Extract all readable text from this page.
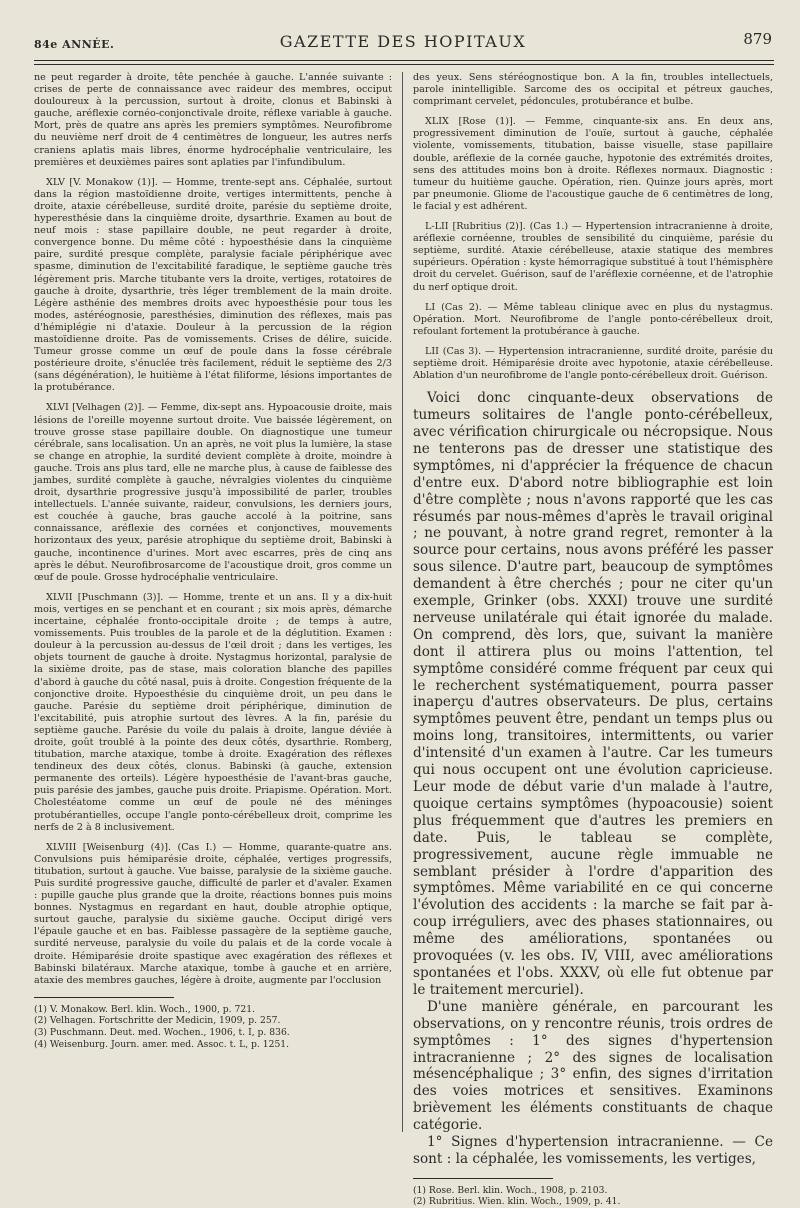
84e ANNÉE.	GAZETTE DES HOPITAUX	879

ne peut regarder à droite, tête penchée à gauche. L'année suivante : crises de perte de connaissance avec raideur des membres, occiput douloureux à la percussion, surtout à droite, clonus et Babinski à gauche, aréflexie cornéo-conjonctivale droite, réflexe variable à gauche. Mort, près de quatre ans après les premiers symptômes. Neurofibrome du neuvième nerf droit de 4 centimètres de longueur, les autres nerfs craniens aplatis mais libres, énorme hydrocéphalie ventriculaire, les premières et deuxièmes paires sont aplaties par l'infundibulum.

XLV [V. Monakow (1)]. — Homme, trente-sept ans. Céphalée, surtout dans la région mastoïdienne droite, vertiges intermittents, penche à droite, ataxie cérébelleuse, surdité droite, parésie du septième droite, hyperesthésie dans la cinquième droite, dysarthrie. Examen au bout de neuf mois : stase papillaire double, ne peut regarder à droite, convergence bonne. Du même côté : hypoesthésie dans la cinquième paire, surdité presque complète, paralysie faciale périphérique avec spasme, diminution de l'excitabilité faradique, le septième gauche très légèrement pris. Marche titubante vers la droite, vertiges, rotatoires de gauche à droite, dysarthrie, très léger tremblement de la main droite. Légère asthénie des membres droits avec hypoesthésie pour tous les modes, astéréognosie, paresthésies, diminution des réflexes, mais pas d'hémiplégie ni d'ataxie. Douleur à la percussion de la région mastoïdienne droite. Pas de vomissements. Crises de délire, suicide. Tumeur grosse comme un œuf de poule dans la fosse cérébrale postérieure droite, s'énuclée très facilement, réduit le septième des 2/3 (sans dégénération), le huitième à l'état filiforme, lésions importantes de la protubérance.

XLVI [Velhagen (2)]. — Femme, dix-sept ans. Hypoacousie droite, mais lésions de l'oreille moyenne surtout droite. Vue baissée légèrement, on trouve grosse stase papillaire double. On diagnostique une tumeur cérébrale, sans localisation. Un an après, ne voit plus la lumière, la stase se change en atrophie, la surdité devient complète à droite, moindre à gauche. Trois ans plus tard, elle ne marche plus, à cause de faiblesse des jambes, surdité complète à gauche, névralgies violentes du cinquième droit, dysarthrie progressive jusqu'à impossibilité de parler, troubles intellectuels. L'année suivante, raideur, convulsions, les derniers jours, est couchée à gauche, bras gauche accolé à la poitrine, sans connaissance, aréflexie des cornées et conjonctives, mouvements horizontaux des yeux, parésie atrophique du septième droit, Babinski à gauche, incontinence d'urines. Mort avec escarres, près de cinq ans après le début. Neurofibrosarcome de l'acoustique droit, gros comme un œuf de poule. Grosse hydrocéphalie ventriculaire.

XLVII [Puschmann (3)]. — Homme, trente et un ans. Il y a dix-huit mois, vertiges en se penchant et en courant ; six mois après, démarche incertaine, céphalée fronto-occipitale droite ; de temps à autre, vomissements. Puis troubles de la parole et de la déglutition. Examen : douleur à la percussion au-dessus de l'œil droit ; dans les vertiges, les objets tournent de gauche à droite. Nystagmus horizontal, paralysie de la sixième droite, pas de stase, mais coloration blanche des papilles d'abord à gauche du côté nasal, puis à droite. Congestion fréquente de la conjonctive droite. Hypoesthésie du cinquième droit, un peu dans le gauche. Parésie du septième droit périphérique, diminution de l'excitabilité, puis atrophie surtout des lèvres. A la fin, parésie du septième gauche. Parésie du voile du palais à droite, langue déviée à droite, goût troublé à la pointe des deux côtés, dysarthrie. Romberg, titubation, marche ataxique, tombe à droite. Exagération des réflexes tendineux des deux côtés, clonus. Babinski (à gauche, extension permanente des orteils). Légère hypoesthésie de l'avant-bras gauche, puis parésie des jambes, gauche puis droite. Priapisme. Opération. Mort. Cholestéatome comme un œuf de poule né des méninges protubérantielles, occupe l'angle ponto-cérébelleux droit, comprime les nerfs de 2 à 8 inclusivement.

XLVIII [Weisenburg (4)]. (Cas I.) — Homme, quarante-quatre ans. Convulsions puis hémiparésie droite, céphalée, vertiges progressifs, titubation, surtout à gauche. Vue baisse, paralysie de la sixième gauche. Puis surdité progressive gauche, difficulté de parler et d'avaler. Examen : pupille gauche plus grande que la droite, réactions bonnes puis moins bonnes. Nystagmus en regardant en haut, double atrophie optique, surtout gauche, paralysie du sixième gauche. Occiput dirigé vers l'épaule gauche et en bas. Faiblesse passagère de la septième gauche, surdité nerveuse, paralysie du voile du palais et de la corde vocale à droite. Hémiparésie droite spastique avec exagération des réflexes et Babinski bilatéraux. Marche ataxique, tombe à gauche et en arrière, ataxie des membres gauches, légère à droite, augmente par l'occlusion

(1) V. Monakow. Berl. klin. Woch., 1900, p. 721.
(2) Velhagen. Fortschritte der Medicin, 1909, p. 257.
(3) Puschmann. Deut. med. Wochen., 1906, t. I, p. 836.
(4) Weisenburg. Journ. amer. med. Assoc. t. L, p. 1251.

des yeux. Sens stéréognostique bon. A la fin, troubles intellectuels, parole inintelligible. Sarcome des os occipital et pétreux gauches, comprimant cervelet, pédoncules, protubérance et bulbe.

XLIX [Rose (1)]. — Femme, cinquante-six ans. En deux ans, progressivement diminution de l'ouïe, surtout à gauche, céphalée violente, vomissements, titubation, baisse visuelle, stase papillaire double, aréflexie de la cornée gauche, hypotonie des extrémités droites, sens des attitudes moins bon à droite. Réflexes normaux. Diagnostic : tumeur du huitième gauche. Opération, rien. Quinze jours après, mort par pneumonie. Gliome de l'acoustique gauche de 6 centimètres de long, le facial y est adhérent.

L-LII [Rubritius (2)]. (Cas 1.) — Hypertension intracranienne à droite, aréflexie cornéenne, troubles de sensibilité du cinquième, parésie du septième, surdité. Ataxie cérébelleuse, ataxie statique des membres supérieurs. Opération : kyste hémorragique substitué à tout l'hémisphère droit du cervelet. Guérison, sauf de l'aréflexie cornéenne, et de l'atrophie du nerf optique droit.

LI (Cas 2). — Même tableau clinique avec en plus du nystagmus. Opération. Mort. Neurofibrome de l'angle ponto-cérébelleux droit, refoulant fortement la protubérance à gauche.

LII (Cas 3). — Hypertension intracranienne, surdité droite, parésie du septième droit. Hémiparésie droite avec hypotonie, ataxie cérébelleuse. Ablation d'un neurofibrome de l'angle ponto-cérébelleux droit. Guérison.

Voici donc cinquante-deux observations de tumeurs solitaires de l'angle ponto-cérébelleux, avec vérification chirurgicale ou nécropsique. Nous ne tenterons pas de dresser une statistique des symptômes, ni d'apprécier la fréquence de chacun d'entre eux. D'abord notre bibliographie est loin d'être complète ; nous n'avons rapporté que les cas résumés par nous-mêmes d'après le travail original ; ne pouvant, à notre grand regret, remonter à la source pour certains, nous avons préféré les passer sous silence. D'autre part, beaucoup de symptômes demandent à être cherchés ; pour ne citer qu'un exemple, Grinker (obs. XXXI) trouve une surdité nerveuse unilatérale qui était ignorée du malade. On comprend, dès lors, que, suivant la manière dont il attirera plus ou moins l'attention, tel symptôme considéré comme fréquent par ceux qui le recherchent systématiquement, pourra passer inaperçu d'autres observateurs. De plus, certains symptômes peuvent être, pendant un temps plus ou moins long, transitoires, intermittents, ou varier d'intensité d'un examen à l'autre. Car les tumeurs qui nous occupent ont une évolution capricieuse. Leur mode de début varie d'un malade à l'autre, quoique certains symptômes (hypoacousie) soient plus fréquemment que d'autres les premiers en date. Puis, le tableau se complète, progressivement, aucune règle immuable ne semblant présider à l'ordre d'apparition des symptômes. Même variabilité en ce qui concerne l'évolution des accidents : la marche se fait par à-coup irréguliers, avec des phases stationnaires, ou même des améliorations, spontanées ou provoquées (v. les obs. IV, VIII, avec améliorations spontanées et l'obs. XXXV, où elle fut obtenue par le traitement mercuriel).

D'une manière générale, en parcourant les observations, on y rencontre réunis, trois ordres de symptômes : 1° des signes d'hypertension intracranienne ; 2° des signes de localisation mésencéphalique ; 3° enfin, des signes d'irritation des voies motrices et sensitives. Examinons brièvement les éléments constituants de chaque catégorie.

1° Signes d'hypertension intracranienne. — Ce sont : la céphalée, les vomissements, les vertiges,

(1) Rose. Berl. klin. Woch., 1908, p. 2103.
(2) Rubritius. Wien. klin. Woch., 1909, p. 41.
